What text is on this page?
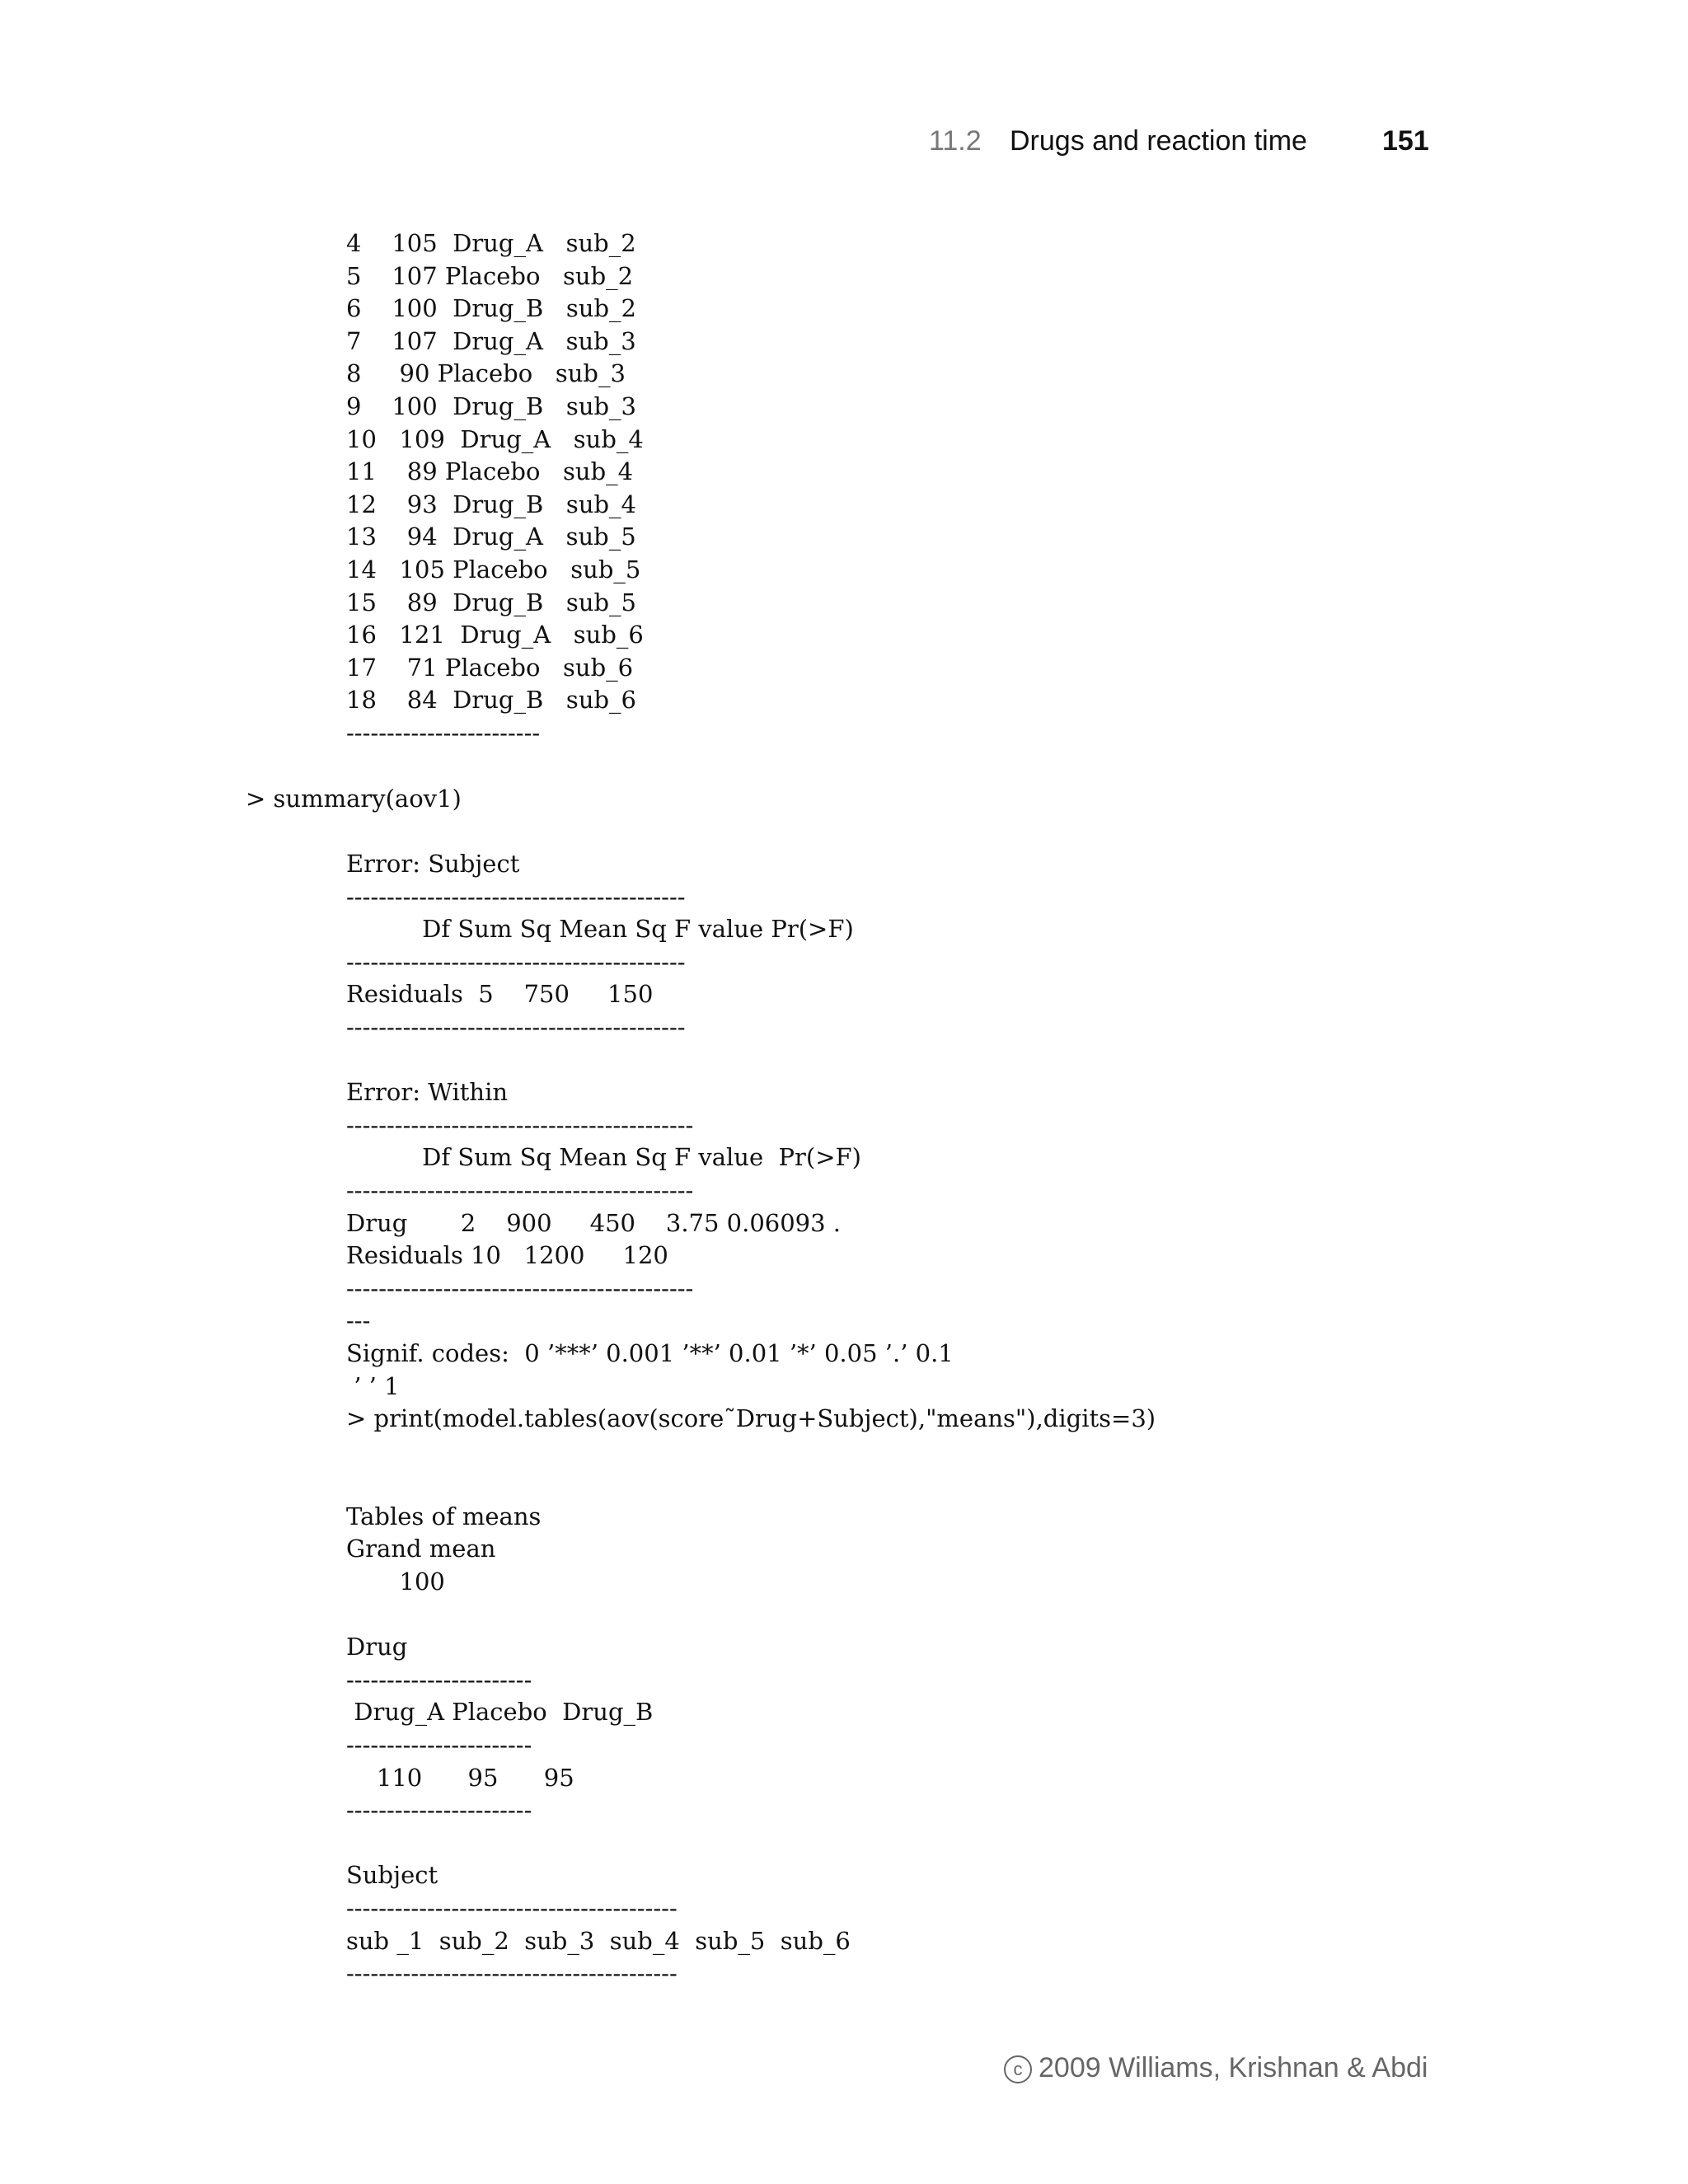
11.2 Drugs and reaction time	151
4    105  Drug_A   sub_2
5    107 Placebo   sub_2
6    100  Drug_B   sub_2
7    107  Drug_A   sub_3
8     90 Placebo   sub_3
9    100  Drug_B   sub_3
10   109  Drug_A   sub_4
11    89 Placebo   sub_4
12    93  Drug_B   sub_4
13    94  Drug_A   sub_5
14   105 Placebo   sub_5
15    89  Drug_B   sub_5
16   121  Drug_A   sub_6
17    71 Placebo   sub_6
18    84  Drug_B   sub_6
------------------------
> summary(aov1)
Error: Subject
------------------------------------------
Df Sum Sq Mean Sq F value Pr(>F)
------------------------------------------
Residuals  5    750     150
------------------------------------------

Error: Within
-------------------------------------------
Df Sum Sq Mean Sq F value  Pr(>F)
-------------------------------------------
Drug       2    900     450    3.75 0.06093 .
Residuals 10   1200     120
-------------------------------------------
---
Signif. codes:  0 ’***’ 0.001 ’**’ 0.01 ’*’ 0.05 ’.’ 0.1
’ ’ 1
> print(model.tables(aov(score˜Drug+Subject),"means"),digits=3)

Tables of means
Grand mean
100

Drug
-----------------------
Drug_A Placebo  Drug_B
-----------------------
110      95      95
-----------------------

Subject
-----------------------------------------
sub _1  sub_2  sub_3  sub_4  sub_5  sub_6
-----------------------------------------
c 2009 Williams, Krishnan & Abdi
